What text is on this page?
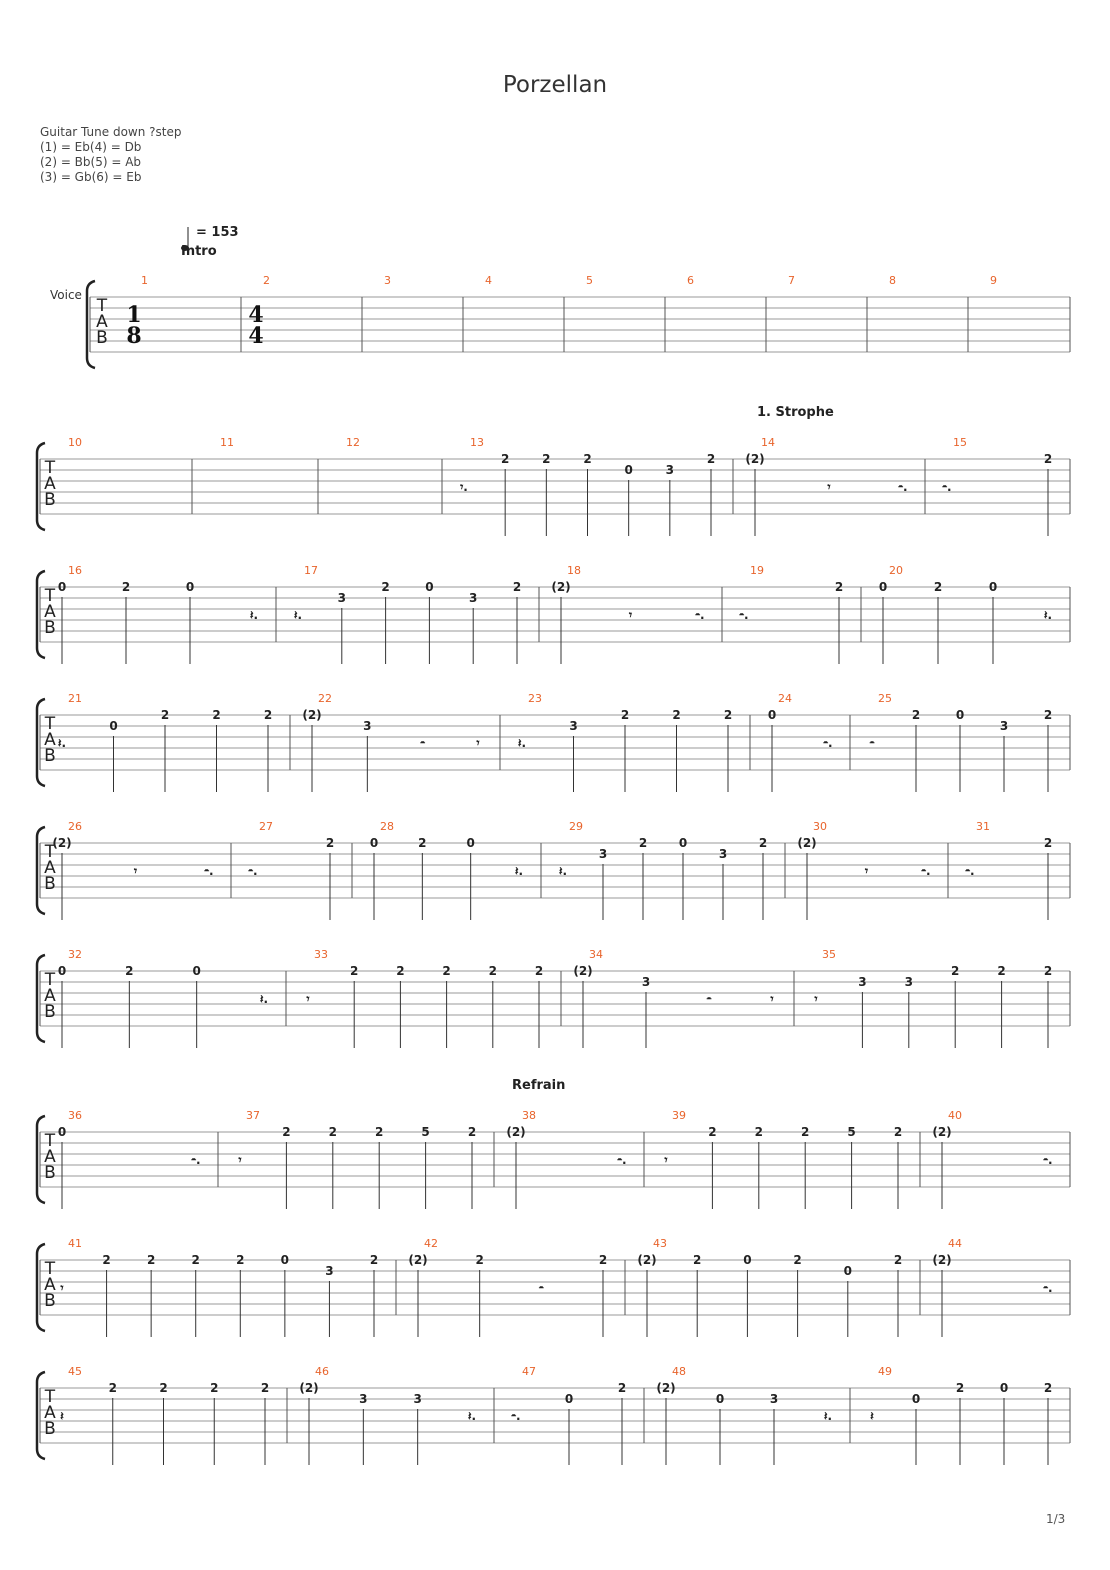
Porzellan
Guitar Tune down ?step
(1) = Eb(4) = Db
(2) = Bb(5) = Ab
(3) = Gb(6) = Eb
= 153
Intro
Voice
1. Strophe
Refrain
1/3
T
A
B
1
8
4
4
1	2	3	4	5	6	7	8	9
T
A
B
10	11	12	13
𝄾.
2	2	2
0	3
2
14
(2)
𝄾	𝄼.
15
𝄼.
2
T
A
B
16
0	2	0
𝄽.
17
𝄽.
3
2	0
3
2
18
(2)
𝄾	𝄼.
19
𝄼.
2
20
0	2	0
𝄽.
T
A
B
21
𝄽.
0
2	2	2
22
(2)
3
𝄼	𝄾
23
𝄽.
3
2	2	2
24
0
𝄼.
25
𝄼
2	0
3
2
T
A
B
26
(2)
𝄾	𝄼.
27
𝄼.
2
28
0	2	0
𝄽.
29
𝄽.
3
2	0
3
2
30
(2)
𝄾	𝄼.
31
𝄼.
2
T
A
B
32
0	2	0
𝄽.
33
𝄾
2	2	2	2	2
34
(2)
3
𝄼	𝄾
35
𝄾
3	3
2	2	2
T
A
B
36
0
𝄼.
37
𝄾
2	2	2	5	2
38
(2)
𝄼.
39
𝄾
2	2	2	5	2
40
(2)
𝄼.
T
A
B
41
𝄾
2	2	2	2	0
3
2
42
(2)	2
𝄼
2
43
(2)	2	0	2
0
2
44
(2)
𝄼.
T
A
B
45
𝄽
2	2	2	2
46
(2)
3	3
𝄽.
47
𝄼.
0
2
48
(2)
0	3
𝄽.
49
𝄽
0
2	0	2
